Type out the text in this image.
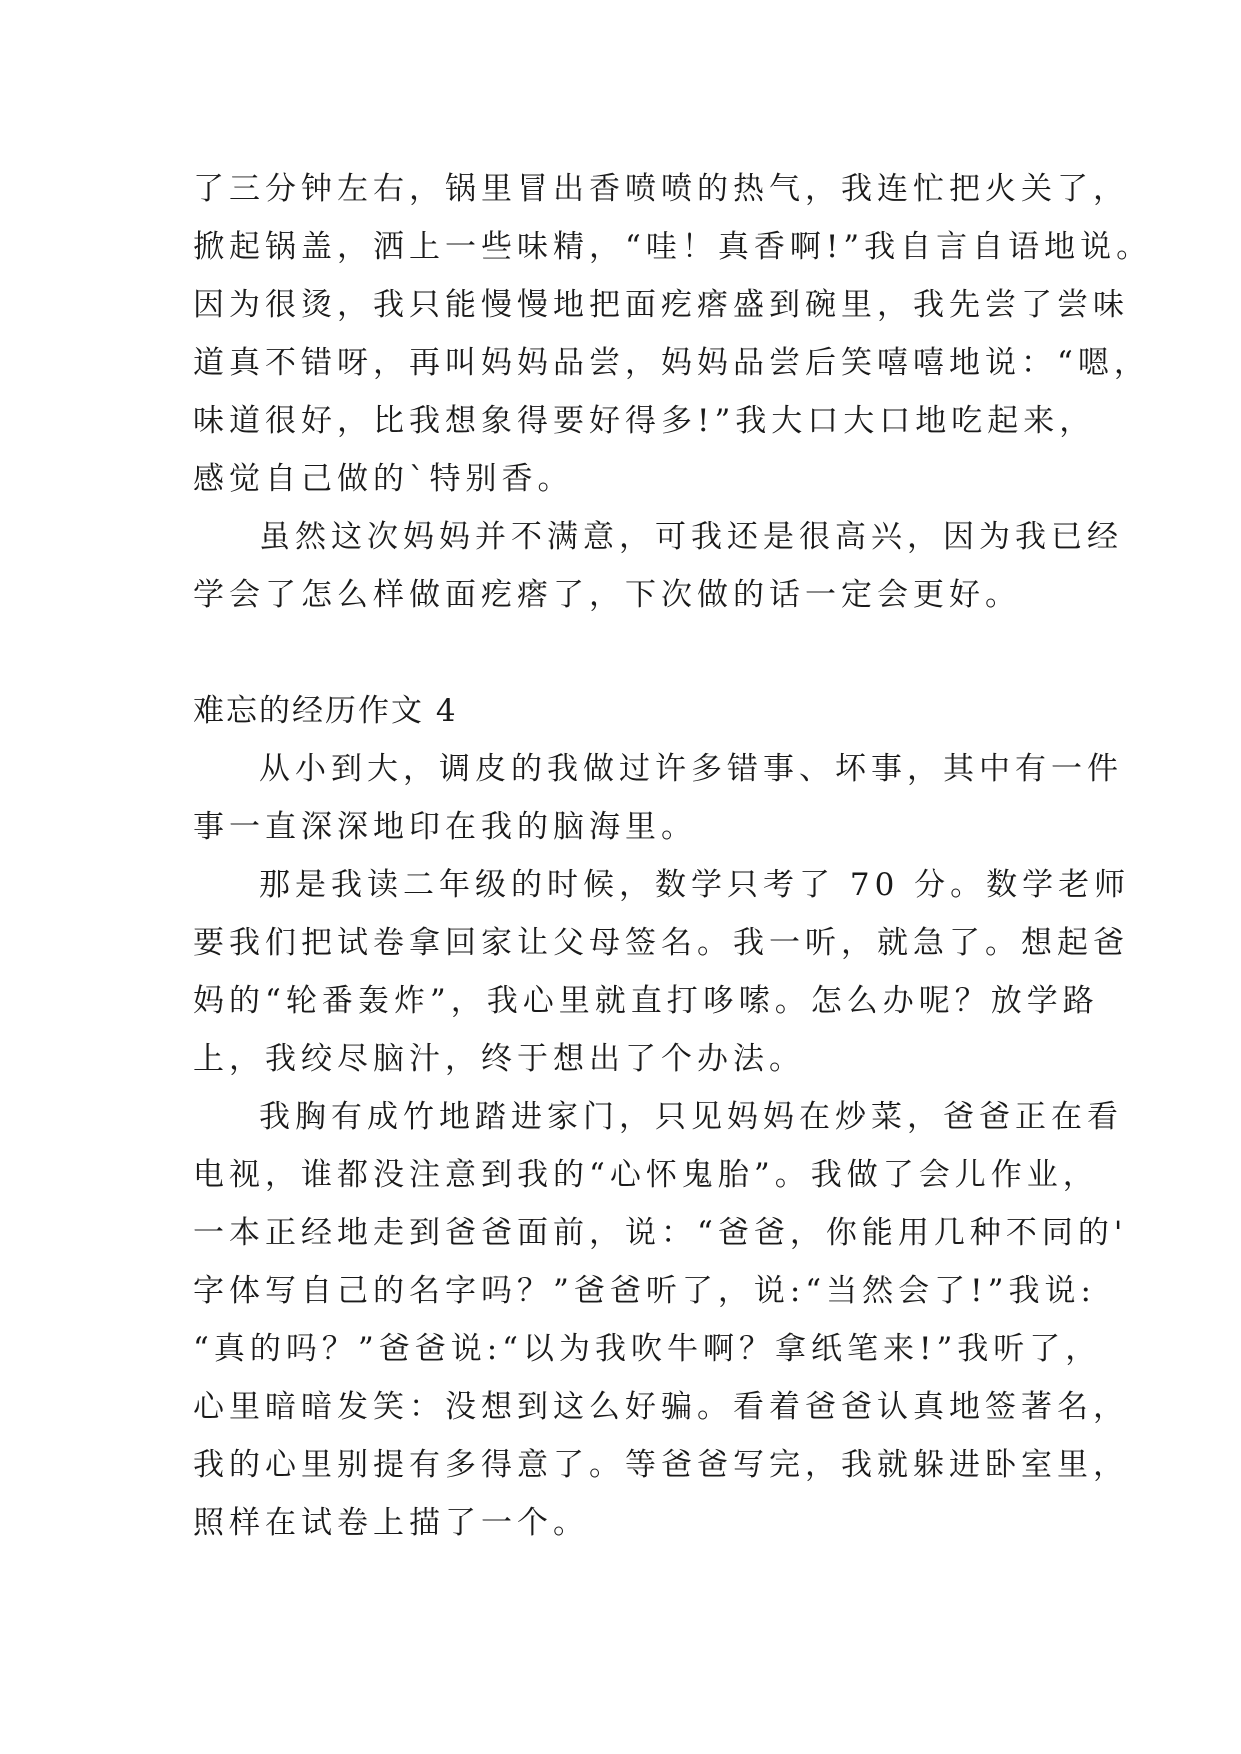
了三分钟左右，锅里冒出香喷喷的热气，我连忙把火关了，
掀起锅盖，洒上一些味精，“哇！真香啊!”我自言自语地说。
因为很烫，我只能慢慢地把面疙瘩盛到碗里，我先尝了尝味
道真不错呀，再叫妈妈品尝，妈妈品尝后笑嘻嘻地说：“嗯，
味道很好，比我想象得要好得多!”我大口大口地吃起来，
感觉自己做的`特别香。
虽然这次妈妈并不满意，可我还是很高兴，因为我已经
学会了怎么样做面疙瘩了，下次做的话一定会更好。
难忘的经历作文 4
从小到大，调皮的我做过许多错事、坏事，其中有一件
事一直深深地印在我的脑海里。
那是我读二年级的时候，数学只考了 70 分。数学老师
要我们把试卷拿回家让父母签名。我一听，就急了。想起爸
妈的“轮番轰炸”，我心里就直打哆嗦。怎么办呢？放学路
上，我绞尽脑汁，终于想出了个办法。
我胸有成竹地踏进家门，只见妈妈在炒菜，爸爸正在看
电视，谁都没注意到我的“心怀鬼胎”。我做了会儿作业，
一本正经地走到爸爸面前，说：“爸爸，你能用几种不同的'
字体写自己的名字吗？”爸爸听了，说:“当然会了!”我说:
“真的吗？”爸爸说:“以为我吹牛啊？拿纸笔来!”我听了，
心里暗暗发笑：没想到这么好骗。看着爸爸认真地签著名，
我的心里别提有多得意了。等爸爸写完，我就躲进卧室里，
照样在试卷上描了一个。
